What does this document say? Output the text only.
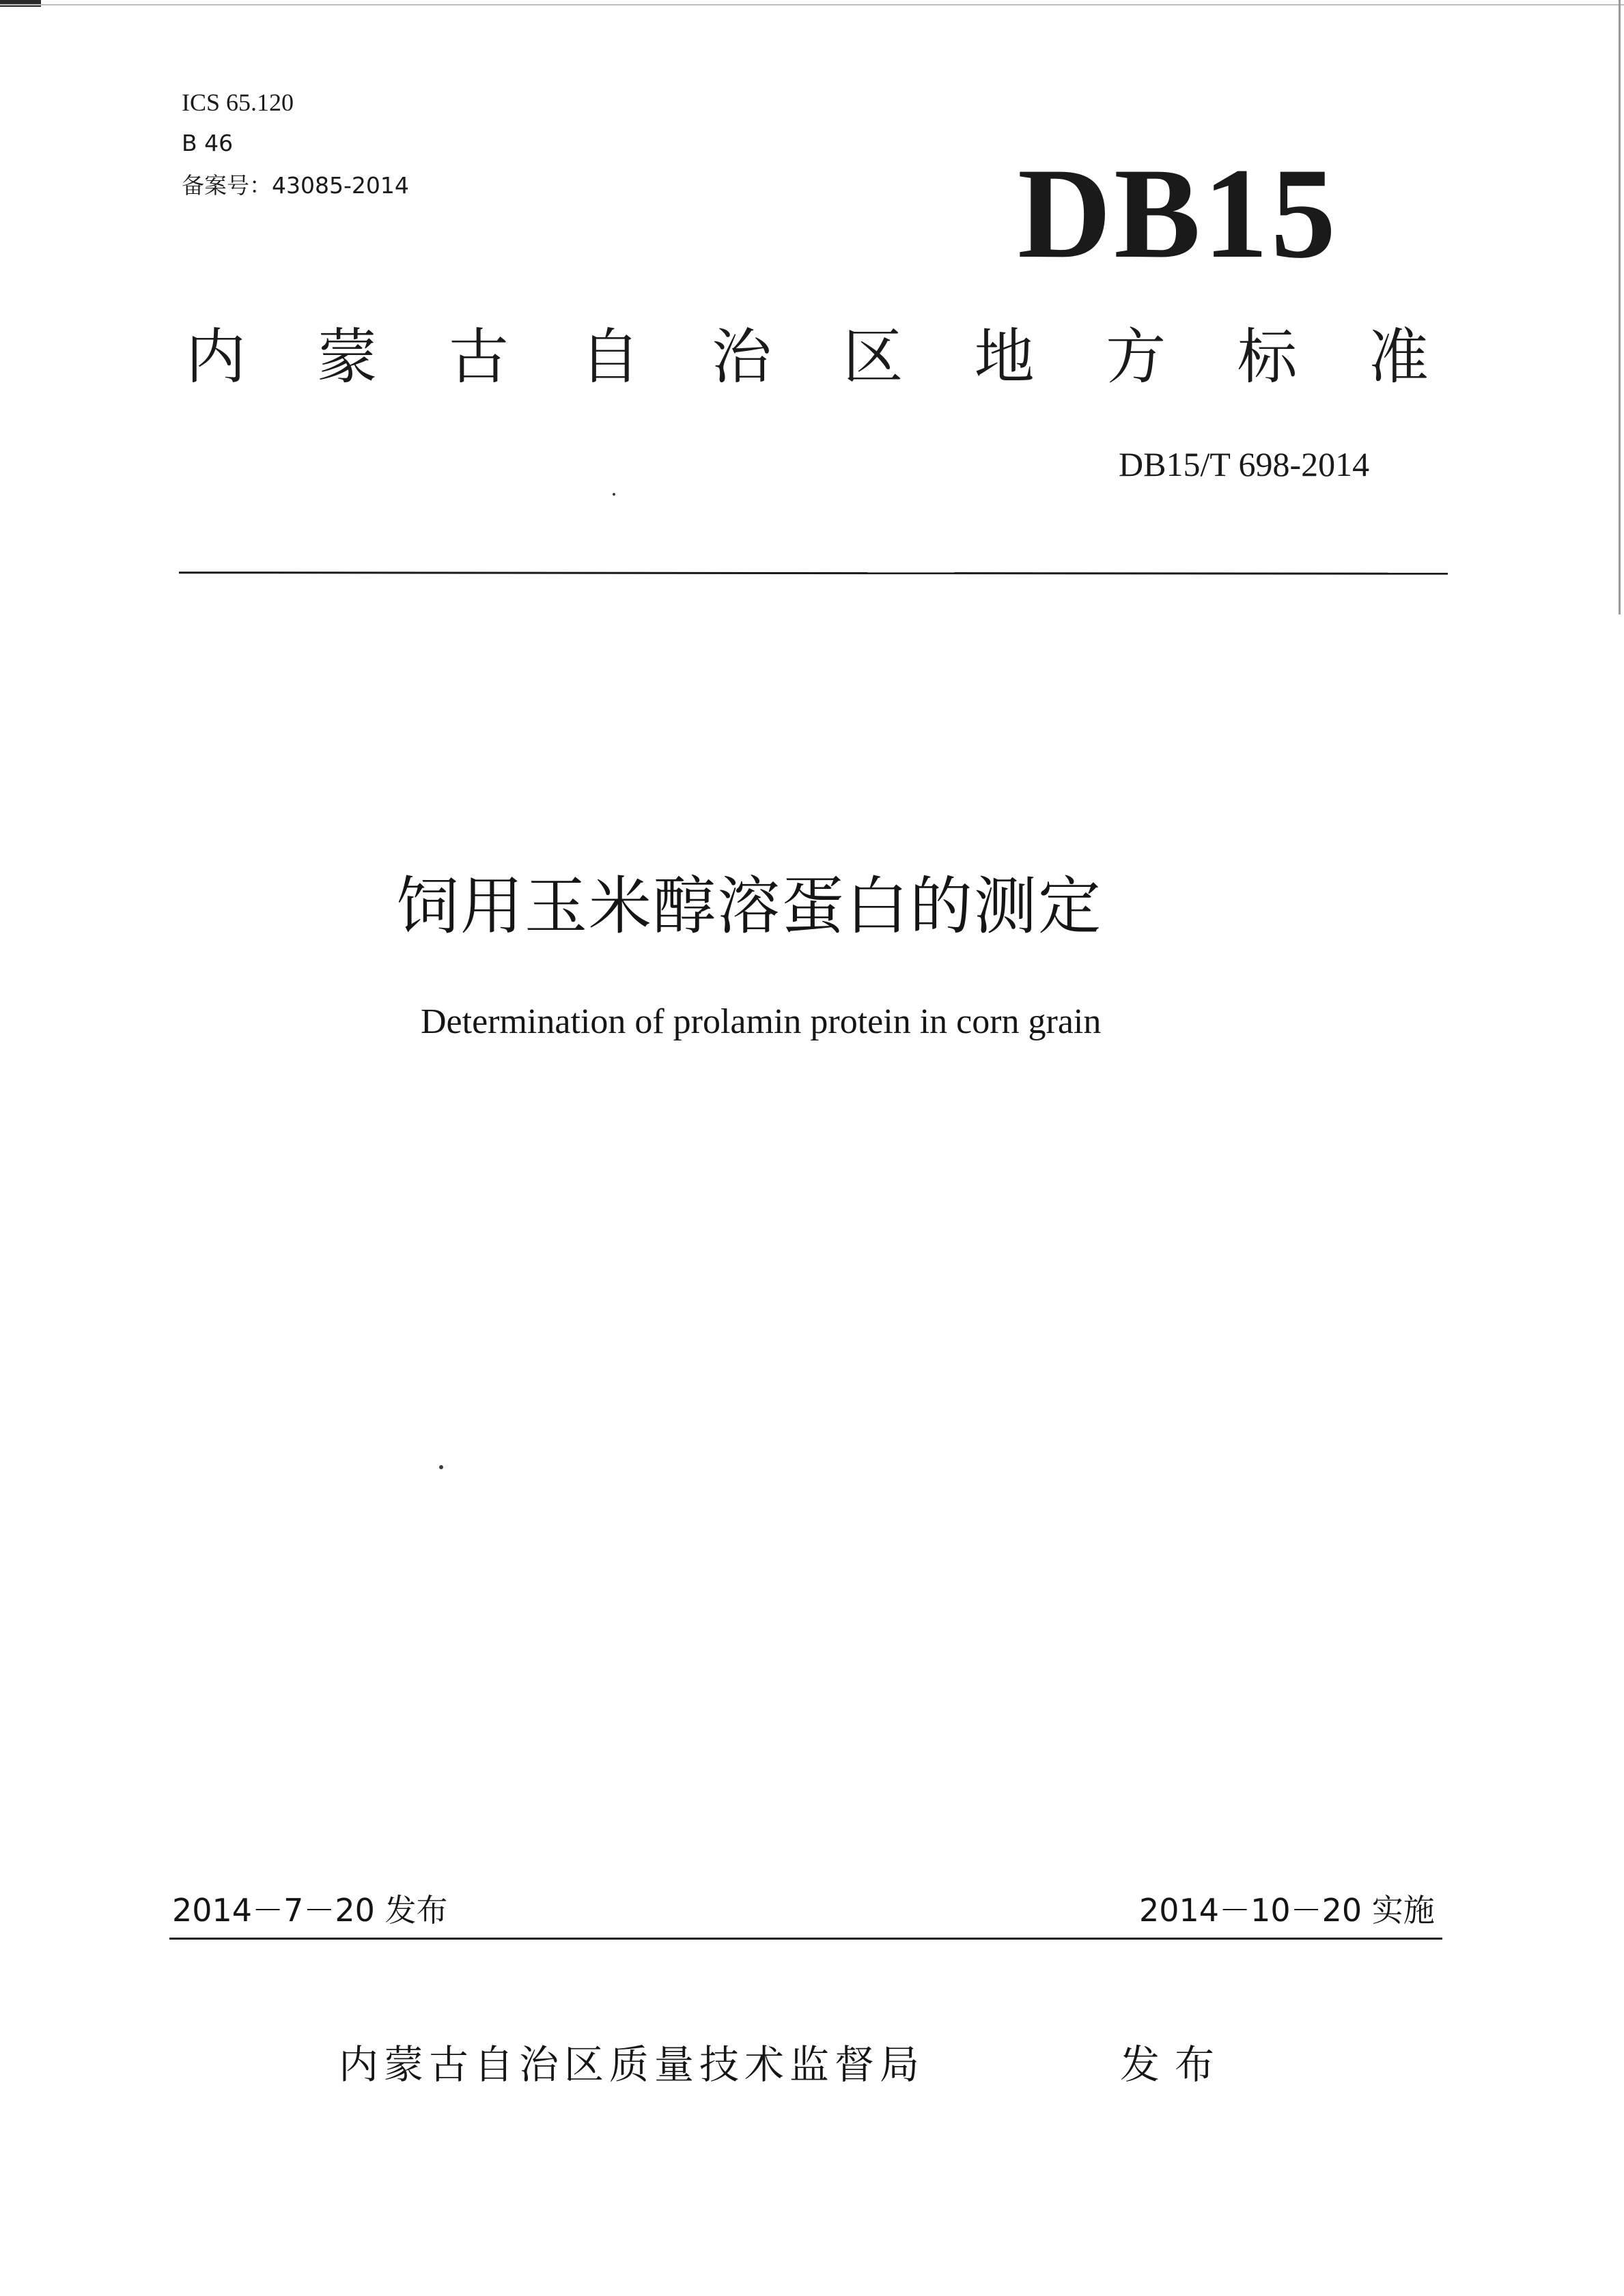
ICS 65.120
B 46
备案号：43085-2014	DB15
内 蒙 古 自 治 区 地 方 标 准
DB15/T 698-2014
饲用玉米醇溶蛋白的测定
Determination of prolamin protein in corn grain
2014－7－20 发布	2014－10－20 实施
内蒙古自治区质量技术监督局	发布
